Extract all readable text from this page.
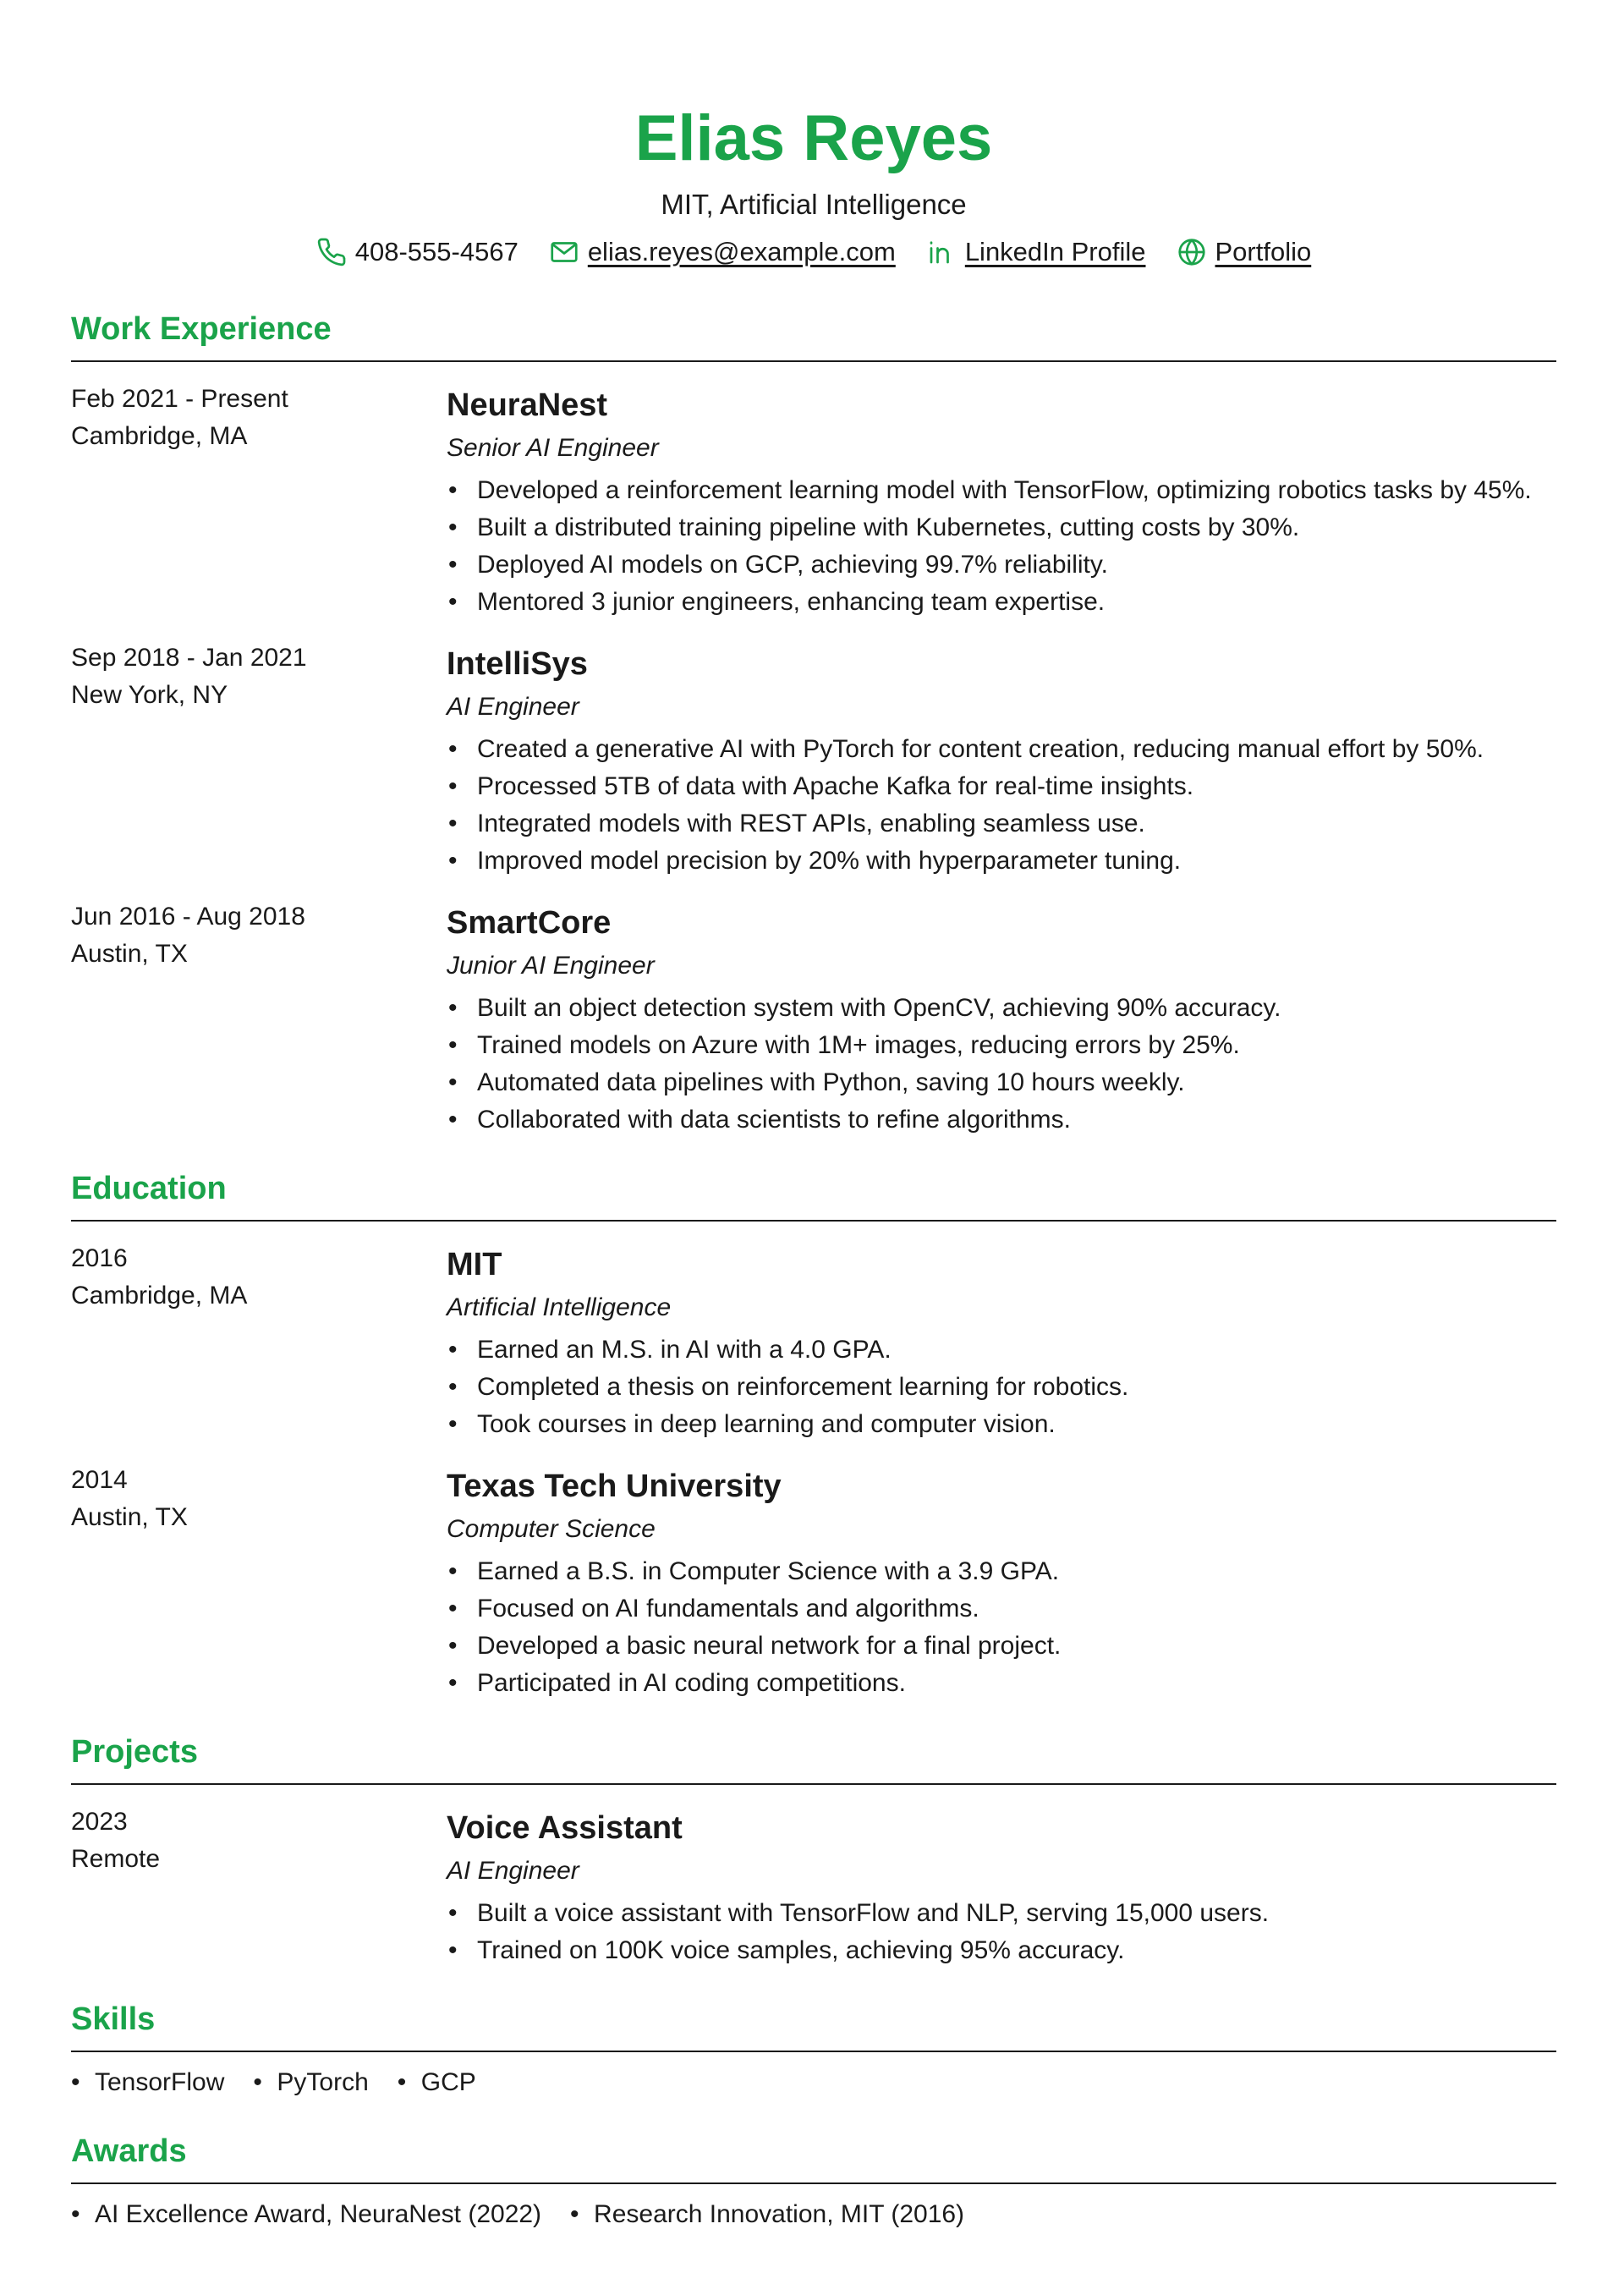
Elias Reyes
MIT, Artificial Intelligence
408-555-4567	elias.reyes@example.com	LinkedIn Profile	Portfolio
Work Experience
Feb 2021 - Present
Cambridge, MA
NeuraNest
Senior AI Engineer
• Developed a reinforcement learning model with TensorFlow, optimizing robotics tasks by 45%.
• Built a distributed training pipeline with Kubernetes, cutting costs by 30%.
• Deployed AI models on GCP, achieving 99.7% reliability.
• Mentored 3 junior engineers, enhancing team expertise.
Sep 2018 - Jan 2021
New York, NY
IntelliSys
AI Engineer
• Created a generative AI with PyTorch for content creation, reducing manual effort by 50%.
• Processed 5TB of data with Apache Kafka for real-time insights.
• Integrated models with REST APIs, enabling seamless use.
• Improved model precision by 20% with hyperparameter tuning.
Jun 2016 - Aug 2018
Austin, TX
SmartCore
Junior AI Engineer
• Built an object detection system with OpenCV, achieving 90% accuracy.
• Trained models on Azure with 1M+ images, reducing errors by 25%.
• Automated data pipelines with Python, saving 10 hours weekly.
• Collaborated with data scientists to refine algorithms.
Education
2016
Cambridge, MA
MIT
Artificial Intelligence
• Earned an M.S. in AI with a 4.0 GPA.
• Completed a thesis on reinforcement learning for robotics.
• Took courses in deep learning and computer vision.
2014
Austin, TX
Texas Tech University
Computer Science
• Earned a B.S. in Computer Science with a 3.9 GPA.
• Focused on AI fundamentals and algorithms.
• Developed a basic neural network for a final project.
• Participated in AI coding competitions.
Projects
2023
Remote
Voice Assistant
AI Engineer
• Built a voice assistant with TensorFlow and NLP, serving 15,000 users.
• Trained on 100K voice samples, achieving 95% accuracy.
Skills
• TensorFlow	• PyTorch	• GCP
Awards
• AI Excellence Award, NeuraNest (2022)	• Research Innovation, MIT (2016)
